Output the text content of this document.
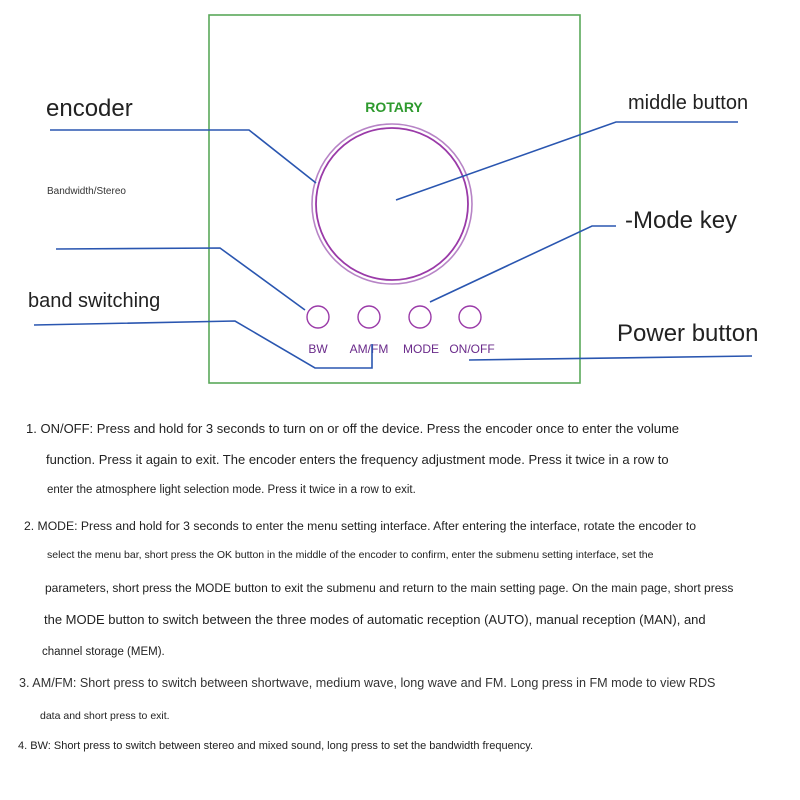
ROTARY
BW AM/FM MODE ON/OFF
encoder	middle button
Bandwidth/Stereo
-Mode key
band switching
Power button
1. ON/OFF: Press and hold for 3 seconds to turn on or off the device. Press the encoder once to enter the volume
function. Press it again to exit. The encoder enters the frequency adjustment mode. Press it twice in a row to
enter the atmosphere light selection mode. Press it twice in a row to exit.
2. MODE: Press and hold for 3 seconds to enter the menu setting interface. After entering the interface, rotate the encoder to
select the menu bar, short press the OK button in the middle of the encoder to confirm, enter the submenu setting interface, set the
parameters, short press the MODE button to exit the submenu and return to the main setting page. On the main page, short press
the MODE button to switch between the three modes of automatic reception (AUTO), manual reception (MAN), and
channel storage (MEM).
3. AM/FM: Short press to switch between shortwave, medium wave, long wave and FM. Long press in FM mode to view RDS
data and short press to exit.
4. BW: Short press to switch between stereo and mixed sound, long press to set the bandwidth frequency.
